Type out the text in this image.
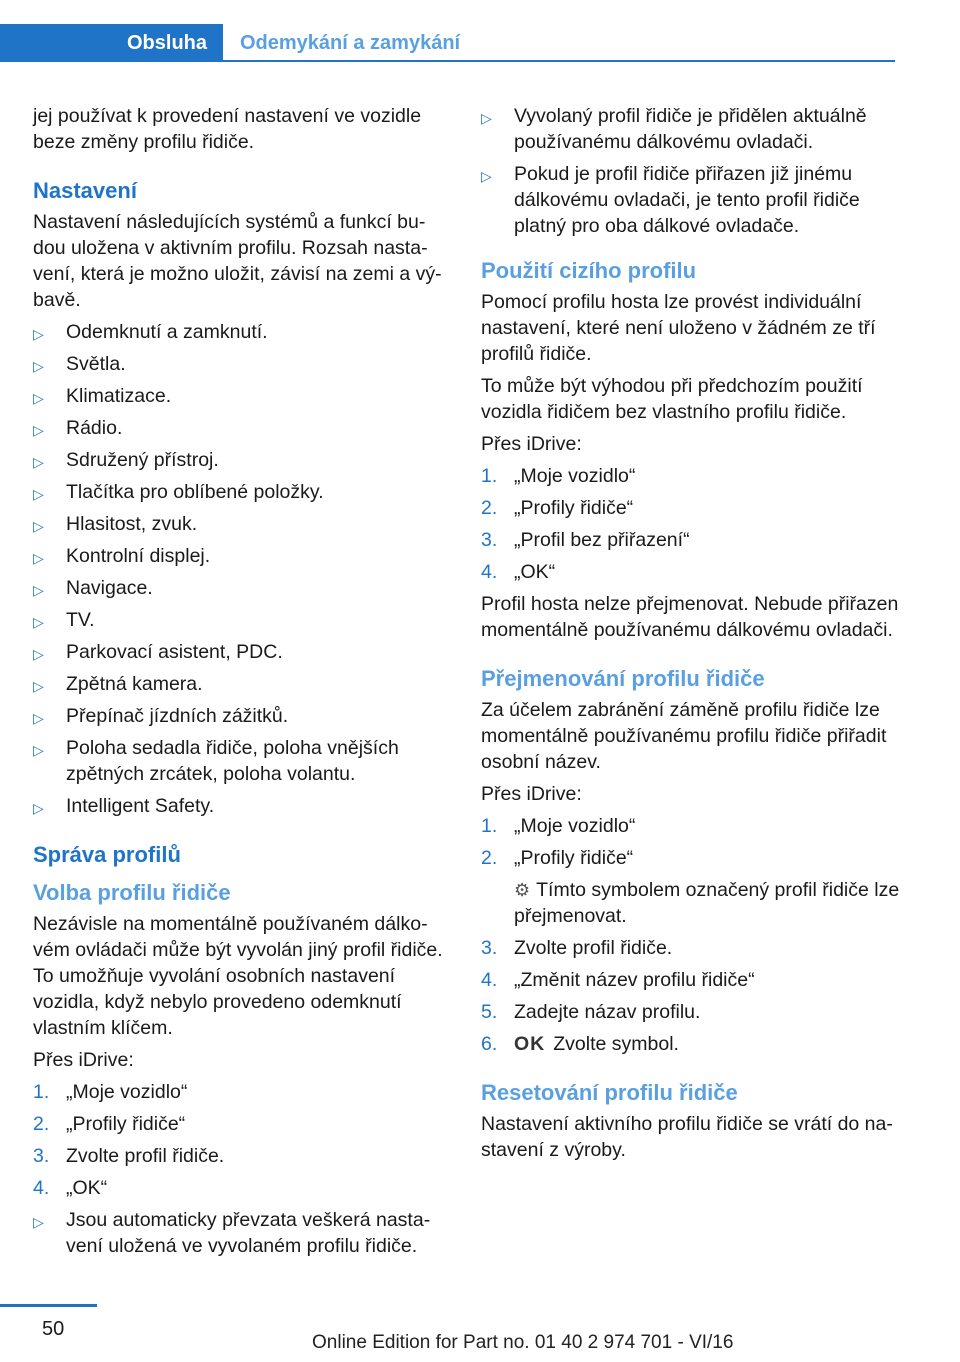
Obsluha	Odemykání a zamykání

jej používat k provedení nastavení ve vozidle beze změny profilu řidiče.

Nastavení

Nastavení následujících systémů a funkcí budou uložena v aktivním profilu. Rozsah nastavení, která je možno uložit, závisí na zemi a výbavě.

▷ Odemknutí a zamknutí.
▷ Světla.
▷ Klimatizace.
▷ Rádio.
▷ Sdružený přístroj.
▷ Tlačítka pro oblíbené položky.
▷ Hlasitost, zvuk.
▷ Kontrolní displej.
▷ Navigace.
▷ TV.
▷ Parkovací asistent, PDC.
▷ Zpětná kamera.
▷ Přepínač jízdních zážitků.
▷ Poloha sedadla řidiče, poloha vnějších zpětných zrcátek, poloha volantu.
▷ Intelligent Safety.
Správa profilů
Volba profilu řidiče

Nezávisle na momentálně používaném dálkovém ovládači může být vyvolán jiný profil řidiče. To umožňuje vyvolání osobních nastavení vozidla, když nebylo provedeno odemknutí vlastním klíčem.

Přes iDrive:

1. „Moje vozidlo“
2. „Profily řidiče“
3. Zvolte profil řidiče.
4. „OK“
▷ Jsou automaticky převzata veškerá nastavení uložená ve vyvolaném profilu řidiče.
▷ Vyvolaný profil řidiče je přidělen aktuálně používanému dálkovému ovladači.
▷ Pokud je profil řidiče přiřazen již jinému dálkovému ovladači, je tento profil řidiče platný pro oba dálkové ovladače.
Použití cizího profilu

Pomocí profilu hosta lze provést individuální nastavení, které není uloženo v žádném ze tří profilů řidiče.

To může být výhodou při předchozím použití vozidla řidičem bez vlastního profilu řidiče.

Přes iDrive:

1. „Moje vozidlo“
2. „Profily řidiče“
3. „Profil bez přiřazení“
4. „OK“

Profil hosta nelze přejmenovat. Nebude přiřazen momentálně používanému dálkovému ovladači.

Přejmenování profilu řidiče

Za účelem zabránění záměně profilu řidiče lze momentálně používanému profilu řidiče přiřadit osobní název.

Přes iDrive:

1. „Moje vozidlo“
2. „Profily řidiče“

⚙ Tímto symbolem označený profil řidiče lze přejmenovat.

3. Zvolte profil řidiče.
4. „Změnit název profilu řidiče“
5. Zadejte názav profilu.
6. OK Zvolte symbol.
Resetování profilu řidiče

Nastavení aktivního profilu řidiče se vrátí do nastavení z výroby.

50
Online Edition for Part no. 01 40 2 974 701 - VI/16
